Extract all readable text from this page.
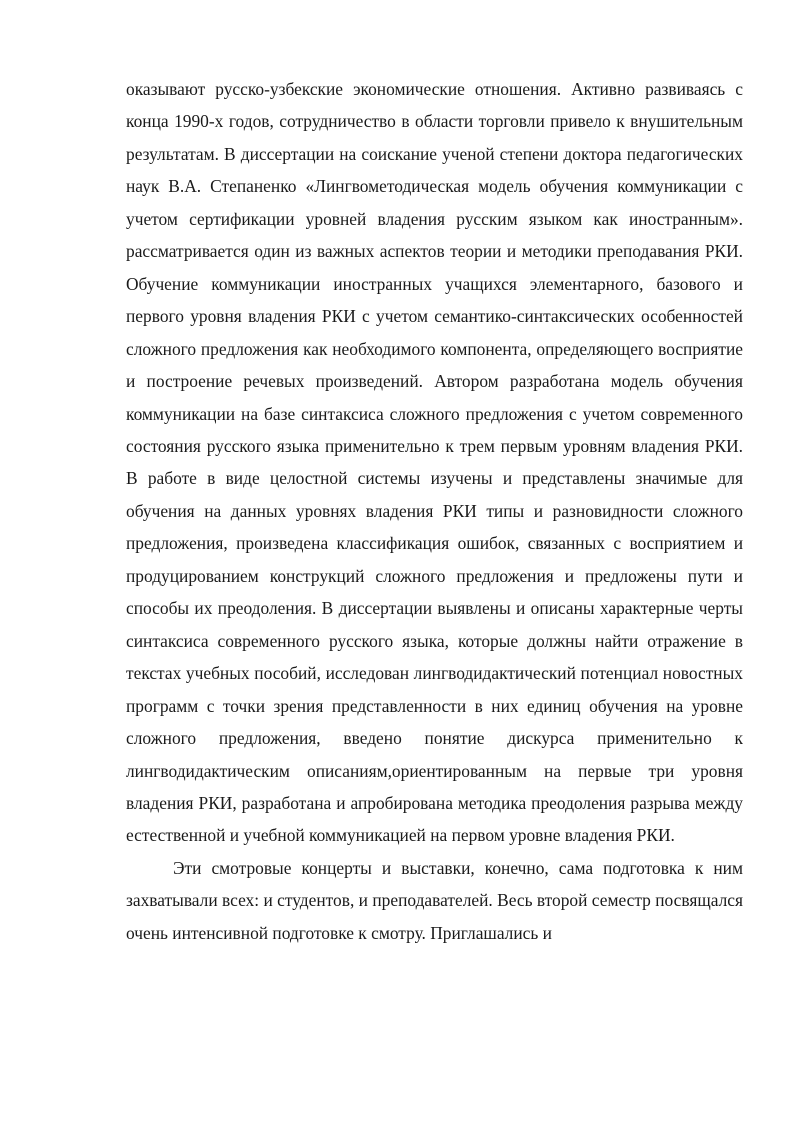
оказывают русско-узбекские экономические отношения. Активно развиваясь с конца 1990-х годов, сотрудничество в области торговли привело к внушительным результатам. В диссертации на соискание ученой степени доктора педагогических наук В.А. Степаненко «Лингвометодическая модель обучения коммуникации с учетом сертификации уровней владения русским языком как иностранным». рассматривается один из важных аспектов теории и методики преподавания РКИ. Обучение коммуникации иностранных учащихся элементарного, базового и первого уровня владения РКИ с учетом семантико-синтаксических особенностей сложного предложения как необходимого компонента, определяющего восприятие и построение речевых произведений. Автором разработана модель обучения коммуникации на базе синтаксиса сложного предложения с учетом современного состояния русского языка применительно к трем первым уровням владения РКИ. В работе в виде целостной системы изучены и представлены значимые для обучения на данных уровнях владения РКИ типы и разновидности сложного предложения, произведена классификация ошибок, связанных с восприятием и продуцированием конструкций сложного предложения и предложены пути и способы их преодоления. В диссертации выявлены и описаны характерные черты синтаксиса современного русского языка, которые должны найти отражение в текстах учебных пособий, исследован лингводидактический потенциал новостных программ с точки зрения представленности в них единиц обучения на уровне сложного предложения, введено понятие дискурса применительно к лингводидактическим описаниям,ориентированным на первые три уровня владения РКИ, разработана и апробирована методика преодоления разрыва между естественной и учебной коммуникацией на первом уровне владения РКИ.

Эти смотровые концерты и выставки, конечно, сама подготовка к ним захватывали всех: и студентов, и преподавателей. Весь второй семестр посвящался очень интенсивной подготовке к смотру. Приглашались и
